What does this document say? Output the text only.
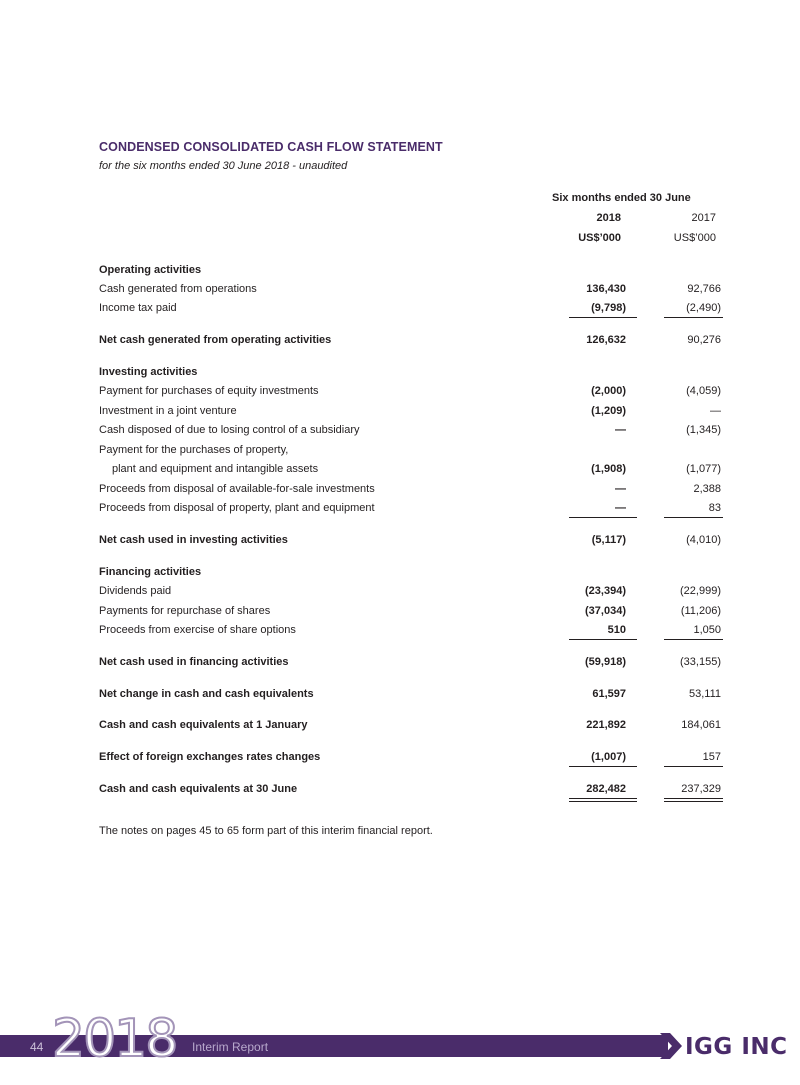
CONDENSED CONSOLIDATED CASH FLOW STATEMENT
for the six months ended 30 June 2018 - unaudited
Six months ended 30 June
2018	2017
US$’000	US$’000
Operating activities
Cash generated from operations	136,430	92,766
Income tax paid	(9,798)	(2,490)
Net cash generated from operating activities	126,632	90,276
Investing activities
Payment for purchases of equity investments	(2,000)	(4,059)
Investment in a joint venture	(1,209)	—
Cash disposed of due to losing control of a subsidiary	—	(1,345)
Payment for the purchases of property,
plant and equipment and intangible assets	(1,908)	(1,077)
Proceeds from disposal of available-for-sale investments	—	2,388
Proceeds from disposal of property, plant and equipment	—	83
Net cash used in investing activities	(5,117)	(4,010)
Financing activities
Dividends paid	(23,394)	(22,999)
Payments for repurchase of shares	(37,034)	(11,206)
Proceeds from exercise of share options	510	1,050
Net cash used in financing activities	(59,918)	(33,155)
Net change in cash and cash equivalents	61,597	53,111
Cash and cash equivalents at 1 January	221,892	184,061
Effect of foreign exchanges rates changes	(1,007)	157
Cash and cash equivalents at 30 June	282,482	237,329
The notes on pages 45 to 65 form part of this interim financial report.
44 2018 Interim Report	IGG INC
